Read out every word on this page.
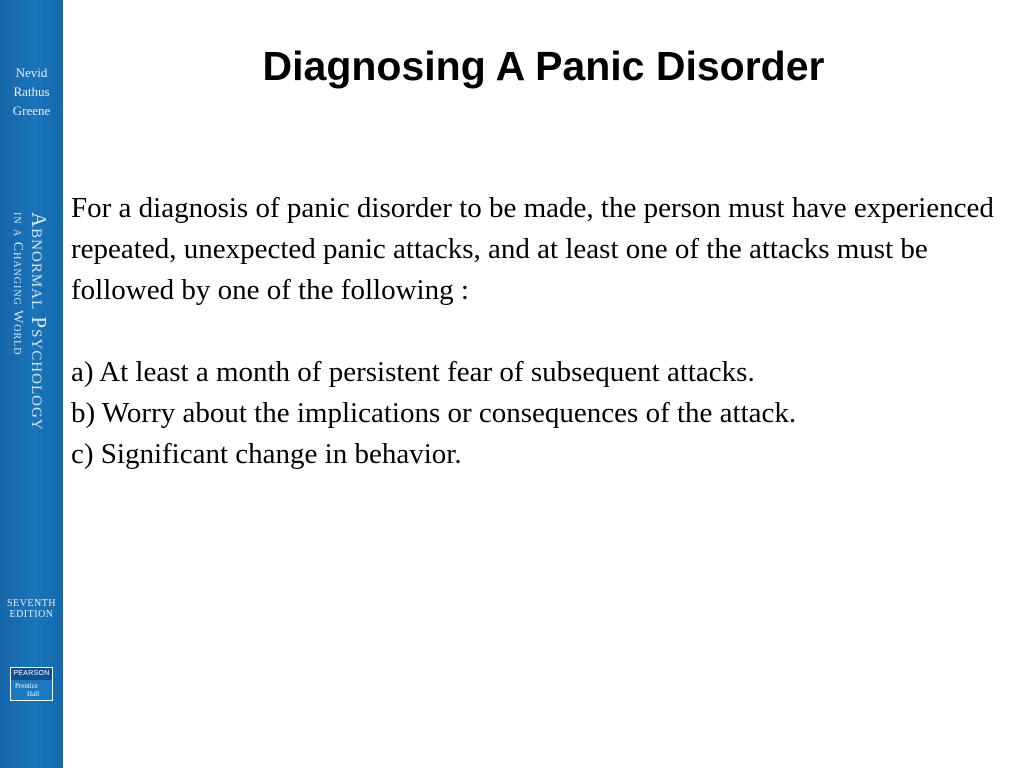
Nevid
Rathus
Greene
Abnormal Psychology
in a Changing World
SEVENTH
EDITION
PEARSON
Prentice
Hall
Diagnosing A Panic Disorder

For a diagnosis of panic disorder to be made, the person must have experienced repeated, unexpected panic attacks, and at least one of the attacks must be followed by one of the following :

a) At least a month of persistent fear of subsequent attacks.

b) Worry about the implications or consequences of the attack.

c) Significant change in behavior.
